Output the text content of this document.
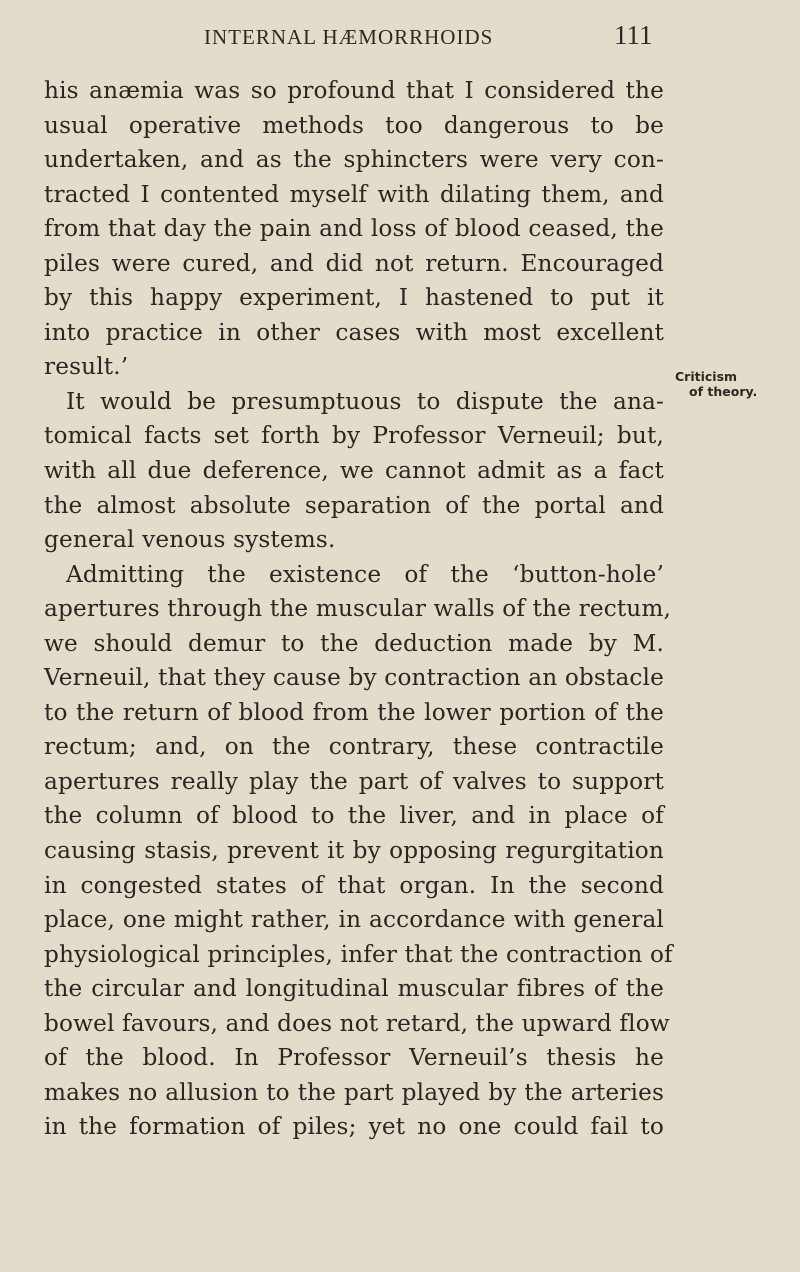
INTERNAL HÆMORRHOIDS	111
Criticism
of theory.
his anæmia was so profound that I considered the
usual operative methods too dangerous to be
undertaken, and as the sphincters were very con-
tracted I contented myself with dilating them, and
from that day the pain and loss of blood ceased, the
piles were cured, and did not return. Encouraged
by this happy experiment, I hastened to put it
into practice in other cases with most excellent
result.’
It would be presumptuous to dispute the ana-
tomical facts set forth by Professor Verneuil; but,
with all due deference, we cannot admit as a fact
the almost absolute separation of the portal and
general venous systems.
Admitting the existence of the ‘button-hole’
apertures through the muscular walls of the rectum,
we should demur to the deduction made by M.
Verneuil, that they cause by contraction an obstacle
to the return of blood from the lower portion of the
rectum; and, on the contrary, these contractile
apertures really play the part of valves to support
the column of blood to the liver, and in place of
causing stasis, prevent it by opposing regurgitation
in congested states of that organ. In the second
place, one might rather, in accordance with general
physiological principles, infer that the contraction of
the circular and longitudinal muscular fibres of the
bowel favours, and does not retard, the upward flow
of the blood. In Professor Verneuil’s thesis he
makes no allusion to the part played by the arteries
in the formation of piles; yet no one could fail to
